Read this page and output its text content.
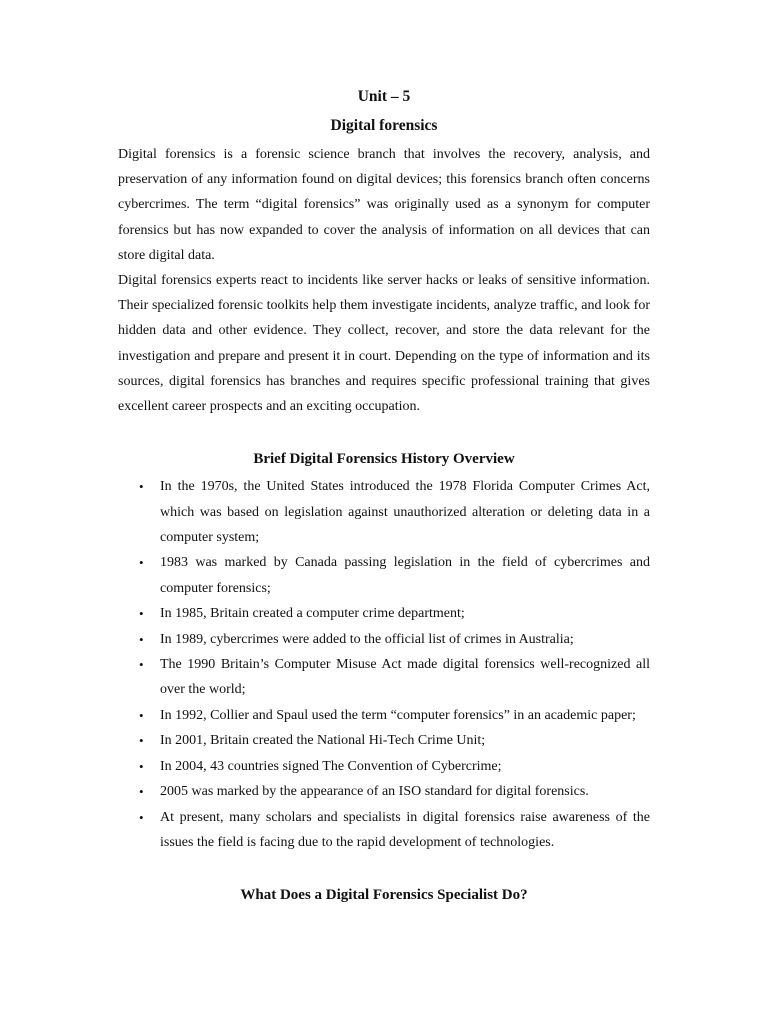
Unit – 5
Digital forensics

Digital forensics is a forensic science branch that involves the recovery, analysis, and preservation of any information found on digital devices; this forensics branch often concerns cybercrimes. The term “digital forensics” was originally used as a synonym for computer forensics but has now expanded to cover the analysis of information on all devices that can store digital data.

Digital forensics experts react to incidents like server hacks or leaks of sensitive information. Their specialized forensic toolkits help them investigate incidents, analyze traffic, and look for hidden data and other evidence. They collect, recover, and store the data relevant for the investigation and prepare and present it in court. Depending on the type of information and its sources, digital forensics has branches and requires specific professional training that gives excellent career prospects and an exciting occupation.

Brief Digital Forensics History Overview
• In the 1970s, the United States introduced the 1978 Florida Computer Crimes Act, which was based on legislation against unauthorized alteration or deleting data in a computer system;
• 1983 was marked by Canada passing legislation in the field of cybercrimes and computer forensics;
• In 1985, Britain created a computer crime department;
• In 1989, cybercrimes were added to the official list of crimes in Australia;
• The 1990 Britain’s Computer Misuse Act made digital forensics well-recognized all over the world;
• In 1992, Collier and Spaul used the term “computer forensics” in an academic paper;
• In 2001, Britain created the National Hi-Tech Crime Unit;
• In 2004, 43 countries signed The Convention of Cybercrime;
• 2005 was marked by the appearance of an ISO standard for digital forensics.
• At present, many scholars and specialists in digital forensics raise awareness of the issues the field is facing due to the rapid development of technologies.
What Does a Digital Forensics Specialist Do?
